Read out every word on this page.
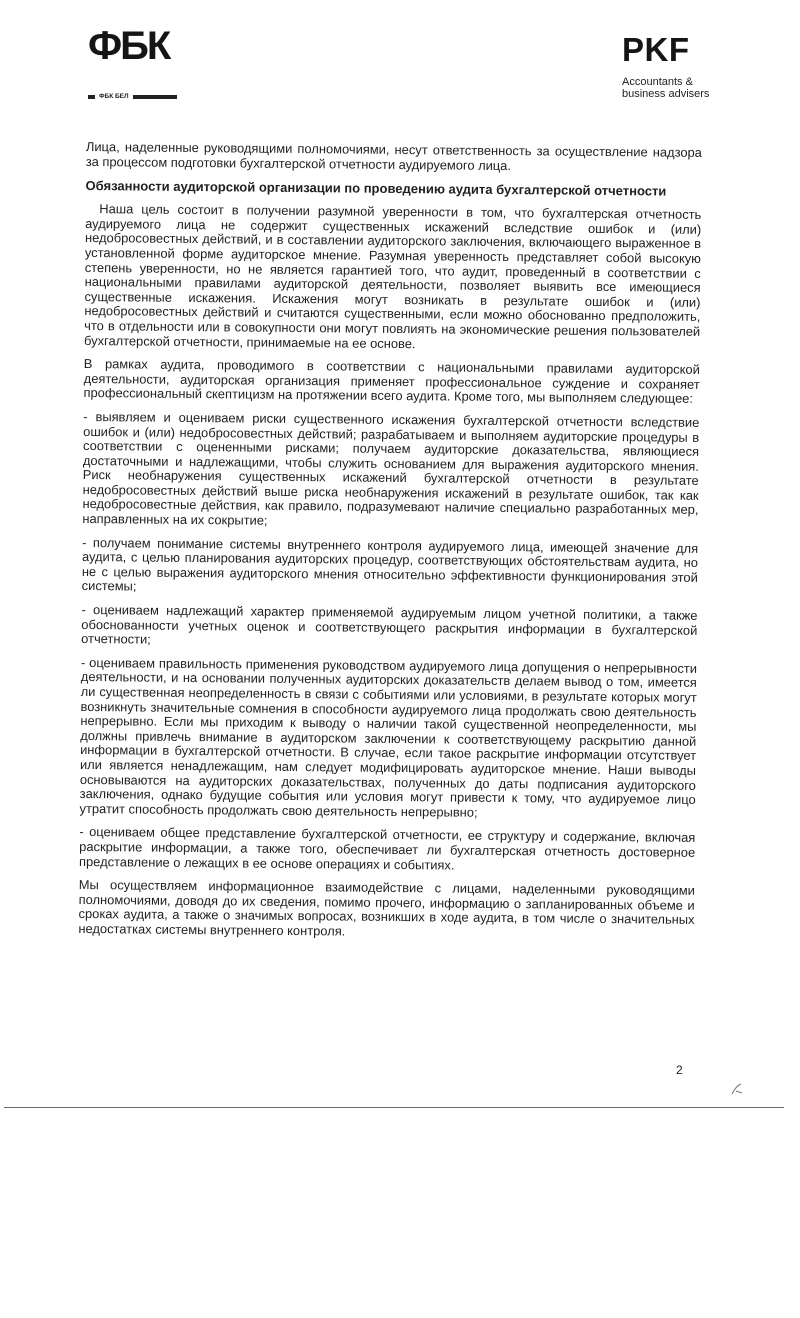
ФБК
ФБК БЕЛ
PKF
Accountants &
business advisers

Лица, наделенные руководящими полномочиями, несут ответственность за осуществление надзора за процессом подготовки бухгалтерской отчетности аудируемого лица.

Обязанности аудиторской организации по проведению аудита бухгалтерской отчетности

Наша цель состоит в получении разумной уверенности в том, что бухгалтерская отчетность аудируемого лица не содержит существенных искажений вследствие ошибок и (или) недобросовестных действий, и в составлении аудиторского заключения, включающего выраженное в установленной форме аудиторское мнение. Разумная уверенность представляет собой высокую степень уверенности, но не является гарантией того, что аудит, проведенный в соответствии с национальными правилами аудиторской деятельности, позволяет выявить все имеющиеся существенные искажения. Искажения могут возникать в результате ошибок и (или) недобросовестных действий и считаются существенными, если можно обоснованно предположить, что в отдельности или в совокупности они могут повлиять на экономические решения пользователей бухгалтерской отчетности, принимаемые на ее основе.

В рамках аудита, проводимого в соответствии с национальными правилами аудиторской деятельности, аудиторская организация применяет профессиональное суждение и сохраняет профессиональный скептицизм на протяжении всего аудита. Кроме того, мы выполняем следующее:

- выявляем и оцениваем риски существенного искажения бухгалтерской отчетности вследствие ошибок и (или) недобросовестных действий; разрабатываем и выполняем аудиторские процедуры в соответствии с оцененными рисками; получаем аудиторские доказательства, являющиеся достаточными и надлежащими, чтобы служить основанием для выражения аудиторского мнения. Риск необнаружения существенных искажений бухгалтерской отчетности в результате недобросовестных действий выше риска необнаружения искажений в результате ошибок, так как недобросовестные действия, как правило, подразумевают наличие специально разработанных мер, направленных на их сокрытие;

- получаем понимание системы внутреннего контроля аудируемого лица, имеющей значение для аудита, с целью планирования аудиторских процедур, соответствующих обстоятельствам аудита, но не с целью выражения аудиторского мнения относительно эффективности функционирования этой системы;

- оцениваем надлежащий характер применяемой аудируемым лицом учетной политики, а также обоснованности учетных оценок и соответствующего раскрытия информации в бухгалтерской отчетности;

- оцениваем правильность применения руководством аудируемого лица допущения о непрерывности деятельности, и на основании полученных аудиторских доказательств делаем вывод о том, имеется ли существенная неопределенность в связи с событиями или условиями, в результате которых могут возникнуть значительные сомнения в способности аудируемого лица продолжать свою деятельность непрерывно. Если мы приходим к выводу о наличии такой существенной неопределенности, мы должны привлечь внимание в аудиторском заключении к соответствующему раскрытию данной информации в бухгалтерской отчетности. В случае, если такое раскрытие информации отсутствует или является ненадлежащим, нам следует модифицировать аудиторское мнение. Наши выводы основываются на аудиторских доказательствах, полученных до даты подписания аудиторского заключения, однако будущие события или условия могут привести к тому, что аудируемое лицо утратит способность продолжать свою деятельность непрерывно;

- оцениваем общее представление бухгалтерской отчетности, ее структуру и содержание, включая раскрытие информации, а также того, обеспечивает ли бухгалтерская отчетность достоверное представление о лежащих в ее основе операциях и событиях.

Мы осуществляем информационное взаимодействие с лицами, наделенными руководящими полномочиями, доводя до их сведения, помимо прочего, информацию о запланированных объеме и сроках аудита, а также о значимых вопросах, возникших в ходе аудита, в том числе о значительных недостатках системы внутреннего контроля.

2
